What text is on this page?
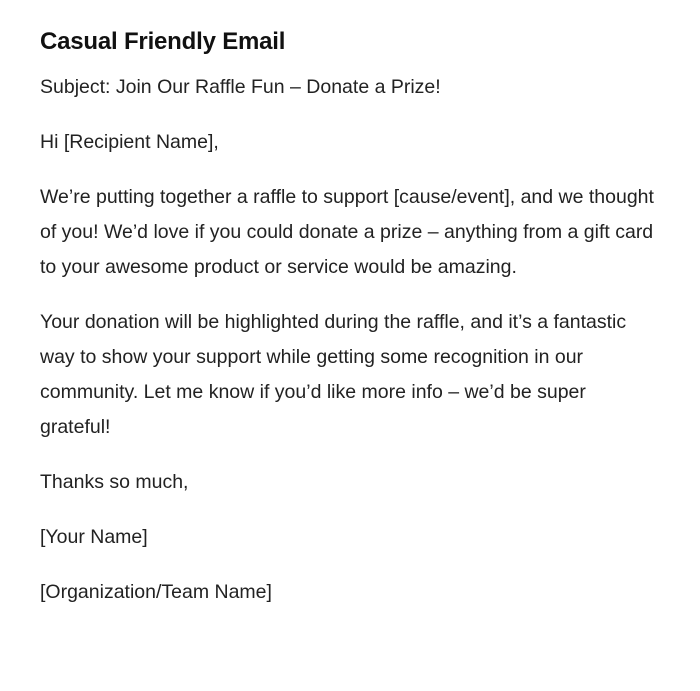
Casual Friendly Email

Subject: Join Our Raffle Fun – Donate a Prize!

Hi [Recipient Name],

We’re putting together a raffle to support [cause/event], and we thought of you! We’d love if you could donate a prize – anything from a gift card to your awesome product or service would be amazing.

Your donation will be highlighted during the raffle, and it’s a fantastic way to show your support while getting some recognition in our community. Let me know if you’d like more info – we’d be super grateful!

Thanks so much,

[Your Name]

[Organization/Team Name]
